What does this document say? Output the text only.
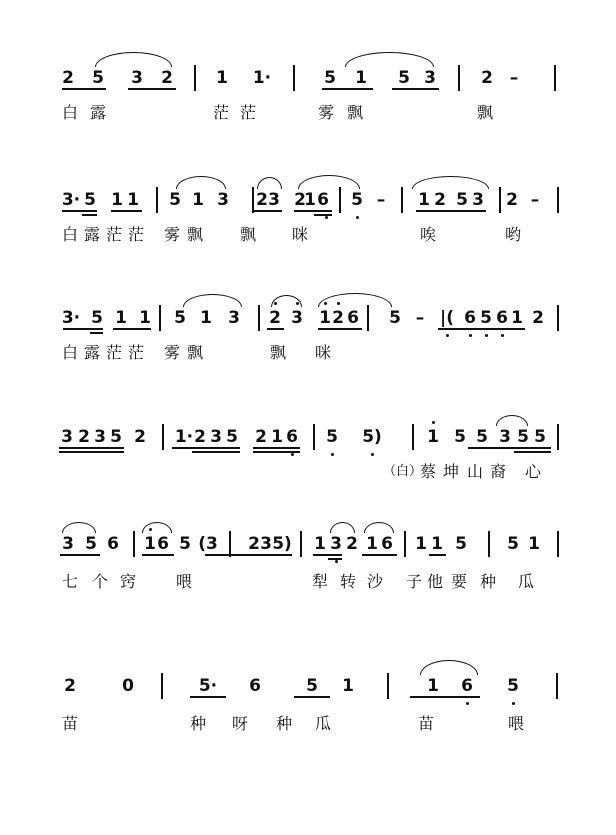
2 5 3 2	1 1·	5 1 5 3	2 –
白 露	茫 茫	雾 飘	飘
3· 5 1 1 5 1 3 2 3 2
1 6 5 – 1 2 5 3 2 –
白 露 茫 茫 雾 飘 飘 咪	唉	哟
3· 5 1 1 5 1 3 2 3 1 2 6 5 – |( 6 5 6 1 2
白 露 茫 茫 雾 飘	飘 咪
3 2 3 5 2 1· 2 3 5 2 1 6 5 5)	1 5 5 3 5 5
（白）
蔡 坤 山 裔 心
3 5 6 1 6 5 (3 2 3 5) 1 3 2 1 6 1 1 5 5 1
七 个 窍 喂	犁 转 沙 子 他 要 种 瓜
2	0	5· 6	5 1	1 6 5
苗	种 呀 种 瓜	苗	喂
